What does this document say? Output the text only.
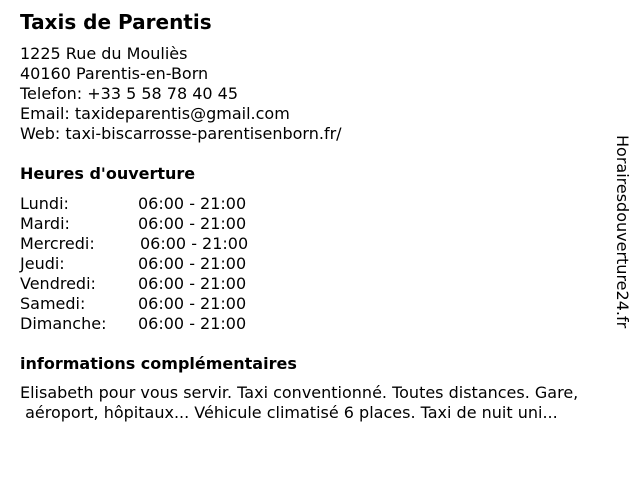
Taxis de Parentis
1225 Rue du Mouliès
40160 Parentis-en-Born
Telefon: +33 5 58 78 40 45
Email: taxideparentis@gmail.com
Web: taxi-biscarrosse-parentisenborn.fr/
Heures d'ouverture
Lundi:	06:00 - 21:00
Mardi:	06:00 - 21:00
Mercredi:	06:00 - 21:00
Jeudi:	06:00 - 21:00
Vendredi:	06:00 - 21:00
Samedi:	06:00 - 21:00
Dimanche: 06:00 - 21:00
informations complémentaires
Elisabeth pour vous servir. Taxi conventionné. Toutes distances. Gare,
aéroport, hôpitaux... Véhicule climatisé 6 places. Taxi de nuit uni...
Horairesdouverture24.fr
